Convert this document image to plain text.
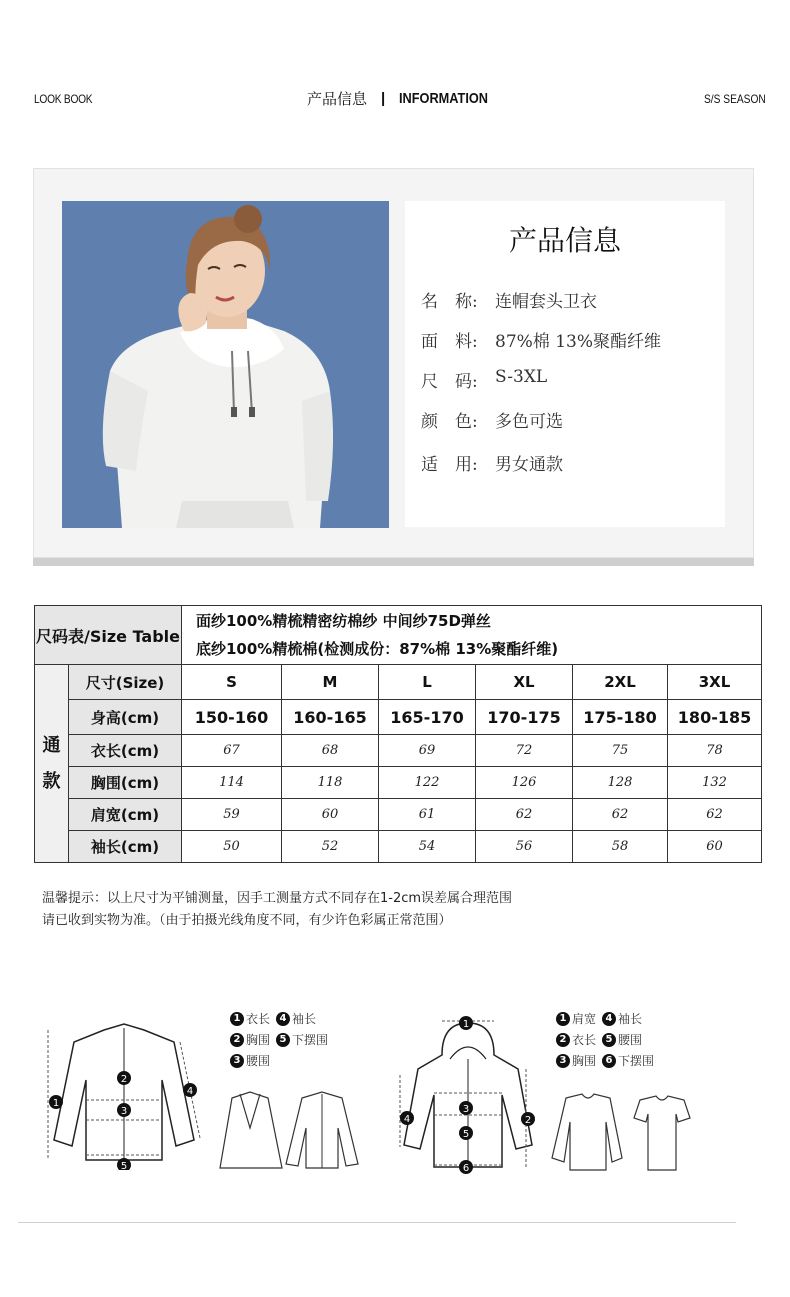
LOOK BOOK	产品信息 | INFORMATION	S/S SEASON
产品信息
名　称:	连帽套头卫衣
面　料:	87%棉 13%聚酯纤维
尺　码:	S-3XL
颜　色:	多色可选
适　用:	男女通款
尺码表/Size Table		面纱100%精梳精密纺棉纱 中间纱75D弹丝
底纱100%精梳棉(检测成份：87%棉 13%聚酯纤维)					

通
款	尺寸(Size)	S	M	L	XL	2XL	3XL
	身高(cm)	150-160	160-165	165-170	170-175	175-180	180-185
	衣长(cm)	67	68	69	72	75	78
	胸围(cm)	114	118	122	126	128	132
	肩宽(cm)	59	60	61	62	62	62
	袖长(cm)	50	52	54	56	58	60
温馨提示：以上尺寸为平铺测量，因手工测量方式不同存在1-2cm误差属合理范围
请已收到实物为准。（由于拍摄光线角度不同，有少许色彩属正常范围）
1
2
3
4
5
1 衣长 4 袖长
2 胸围 5 下摆围
3 腰围
1
2
3
4
5
6
1 肩宽 4 袖长
2 衣长 5 腰围
3 胸围 6 下摆围
